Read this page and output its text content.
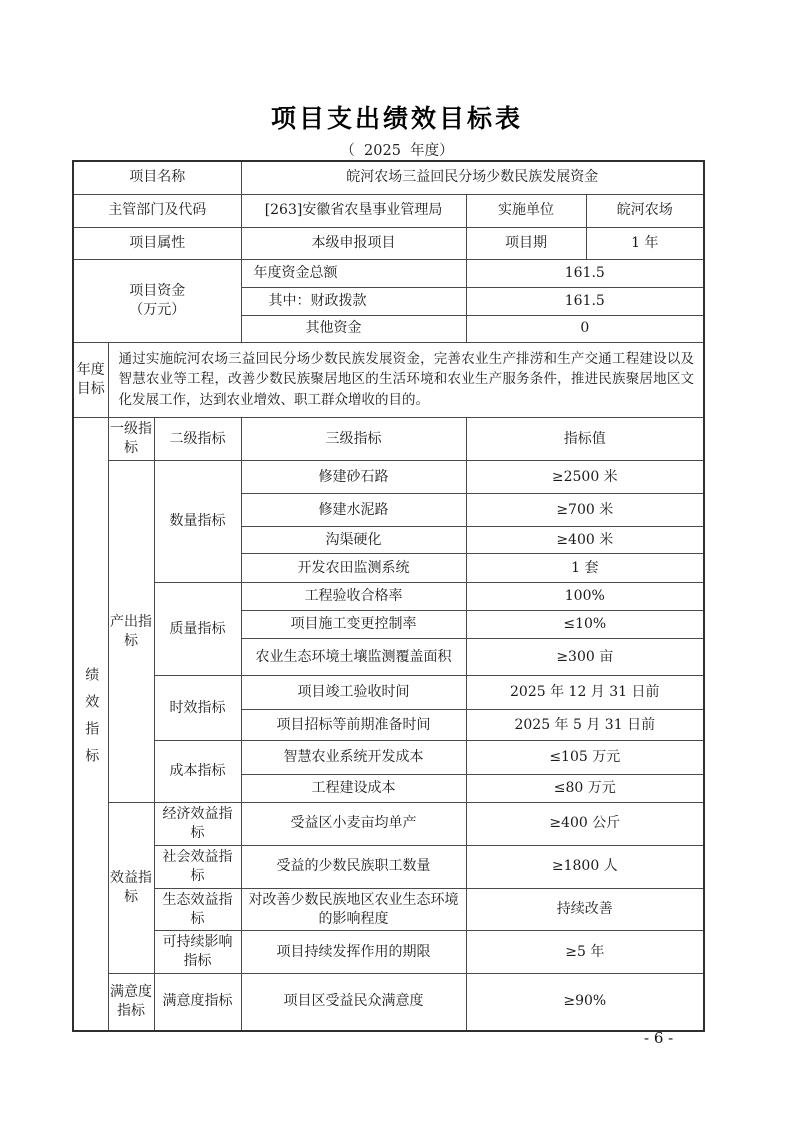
项目支出绩效目标表
（  2025  年度）
项目名称			皖河农场三益回民分场少数民族发展资金		
主管部门及代码			[263]安徽省农垦事业管理局	实施单位	皖河农场
项目属性			本级申报项目	项目期	1 年

项目资金
（万元）			年度资金总额	161.5	
			其中：财政拨款	161.5	
			其他资金	0	
年度目标	通过实施皖河农场三益回民分场少数民族发展资金，完善农业生产排涝和生产交通工程建设以及智慧农业等工程，改善少数民族聚居地区的生活环境和农业生产服务条件，推进民族聚居地区文化发展工作，达到农业增效、职工群众增收的目的。				
绩效指标	一级指标	二级指标	三级指标	指标值	
	产出指标	数量指标	修建砂石路	≥2500 米	
			修建水泥路	≥700 米	
			沟渠硬化	≥400 米	
			开发农田监测系统	1 套	
		质量指标	工程验收合格率	100%	
			项目施工变更控制率	≤10%	
			农业生态环境土壤监测覆盖面积	≥300 亩	
		时效指标	项目竣工验收时间	2025 年 12 月 31 日前	
			项目招标等前期准备时间	2025 年 5 月 31 日前	
		成本指标	智慧农业系统开发成本	≤105 万元	
			工程建设成本	≤80 万元	
	效益指标	经济效益指标	受益区小麦亩均单产	≥400 公斤	
		社会效益指标	受益的少数民族职工数量	≥1800 人	
		生态效益指标	对改善少数民族地区农业生态环境的影响程度	持续改善	
		可持续影响指标	项目持续发挥作用的期限	≥5 年	
	满意度指标	满意度指标	项目区受益民众满意度	≥90%	
- 6 -
